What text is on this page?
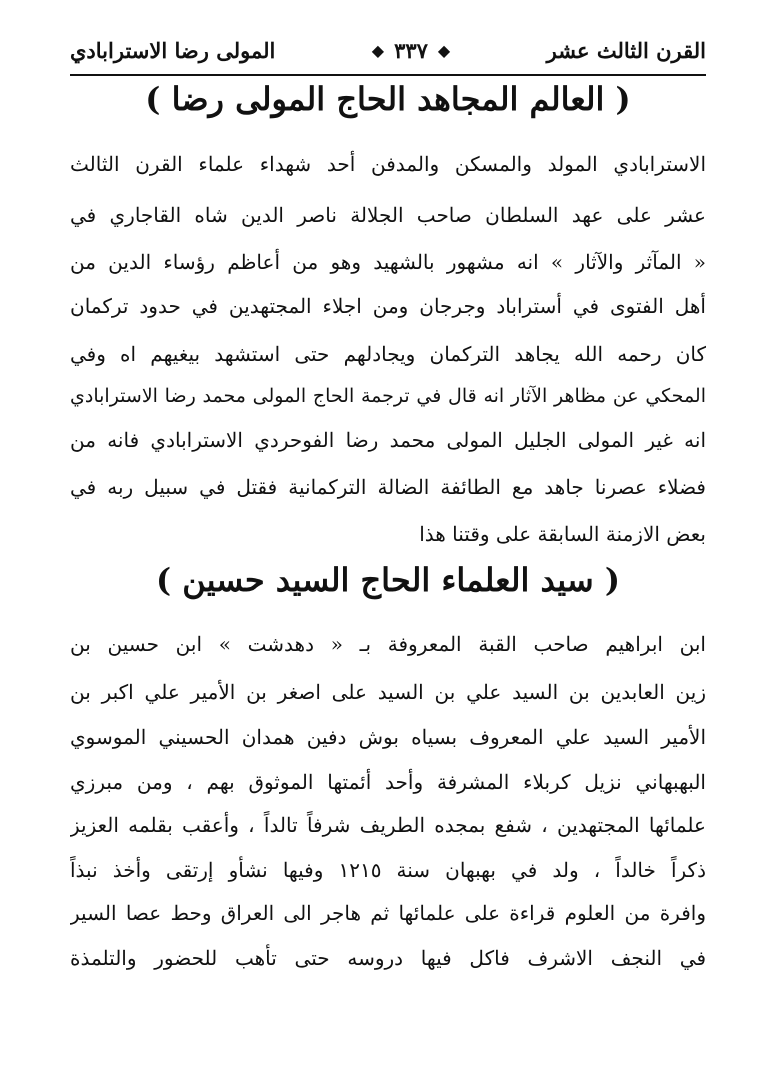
القرن الثالث عشر
◆ ٣٣٧ ◆
المولى رضا الاسترابادي
( العالم المجاهد الحاج المولى رضا )
الاسترابادي المولد والمسكن والمدفن أحد شهداء علماء القرن الثالث
عشر على عهد السلطان صاحب الجلالة ناصر الدين شاه القاجاري في
« المآثر والآثار » انه مشهور بالشهيد وهو من أعاظم رؤساء الدين من
أهل الفتوى في أستراباد وجرجان ومن اجلاء المجتهدين في حدود تركمان
كان رحمه الله يجاهد التركمان ويجادلهم حتى استشهد بيغيهم اه وفي
المحكي عن مظاهر الآثار انه قال في ترجمة الحاج المولى محمد رضا الاسترابادي
انه غير المولى الجليل المولى محمد رضا الفوحردي الاسترابادي فانه من
فضلاء عصرنا جاهد مع الطائفة الضالة التركمانية فقتل في سبيل ربه في
بعض الازمنة السابقة على وقتنا هذا
( سيد العلماء الحاج السيد حسين )
ابن ابراهيم صاحب القبة المعروفة بـ « دهدشت » ابن حسين بن
زين العابدين بن السيد علي بن السيد على اصغر بن الأمير علي اكبر بن
الأمير السيد علي المعروف بسياه بوش دفين همدان الحسيني الموسوي
البهبهاني نزيل كربلاء المشرفة وأحد أئمتها الموثوق بهم ، ومن مبرزي
علمائها المجتهدين ، شفع بمجده الطريف شرفاً تالداً ، وأعقب بقلمه العزيز
ذكراً خالداً ، ولد في بهبهان سنة ١٢١٥ وفيها نشأو إرتقى وأخذ نبذاً
وافرة من العلوم قراءة على علمائها ثم هاجر الى العراق وحط عصا السير
في النجف الاشرف فاكل فيها دروسه حتى تأهب للحضور والتلمذة
